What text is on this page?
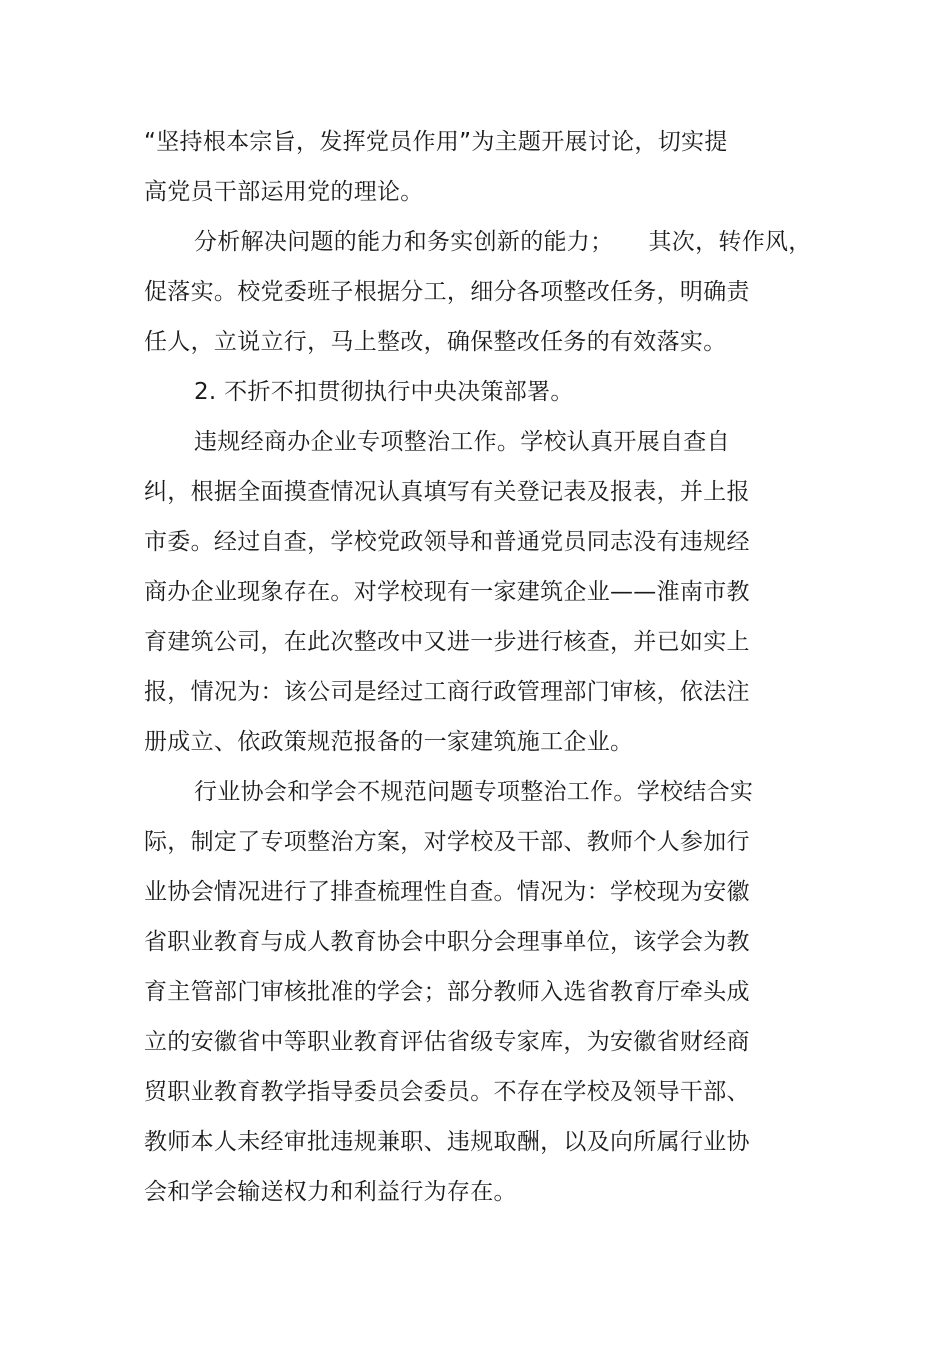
“坚持根本宗旨，发挥党员作用”为主题开展讨论，切实提
高党员干部运用党的理论。
分析解决问题的能力和务实创新的能力；　　其次，转作风，
促落实。校党委班子根据分工，细分各项整改任务，明确责
任人，立说立行，马上整改，确保整改任务的有效落实。
2. 不折不扣贯彻执行中央决策部署。
违规经商办企业专项整治工作。学校认真开展自查自
纠，根据全面摸查情况认真填写有关登记表及报表，并上报
市委。经过自查，学校党政领导和普通党员同志没有违规经
商办企业现象存在。对学校现有一家建筑企业——淮南市教
育建筑公司，在此次整改中又进一步进行核查，并已如实上
报，情况为：该公司是经过工商行政管理部门审核，依法注
册成立、依政策规范报备的一家建筑施工企业。
行业协会和学会不规范问题专项整治工作。学校结合实
际，制定了专项整治方案，对学校及干部、教师个人参加行
业协会情况进行了排查梳理性自查。情况为：学校现为安徽
省职业教育与成人教育协会中职分会理事单位，该学会为教
育主管部门审核批准的学会；部分教师入选省教育厅牵头成
立的安徽省中等职业教育评估省级专家库，为安徽省财经商
贸职业教育教学指导委员会委员。不存在学校及领导干部、
教师本人未经审批违规兼职、违规取酬，以及向所属行业协
会和学会输送权力和利益行为存在。
